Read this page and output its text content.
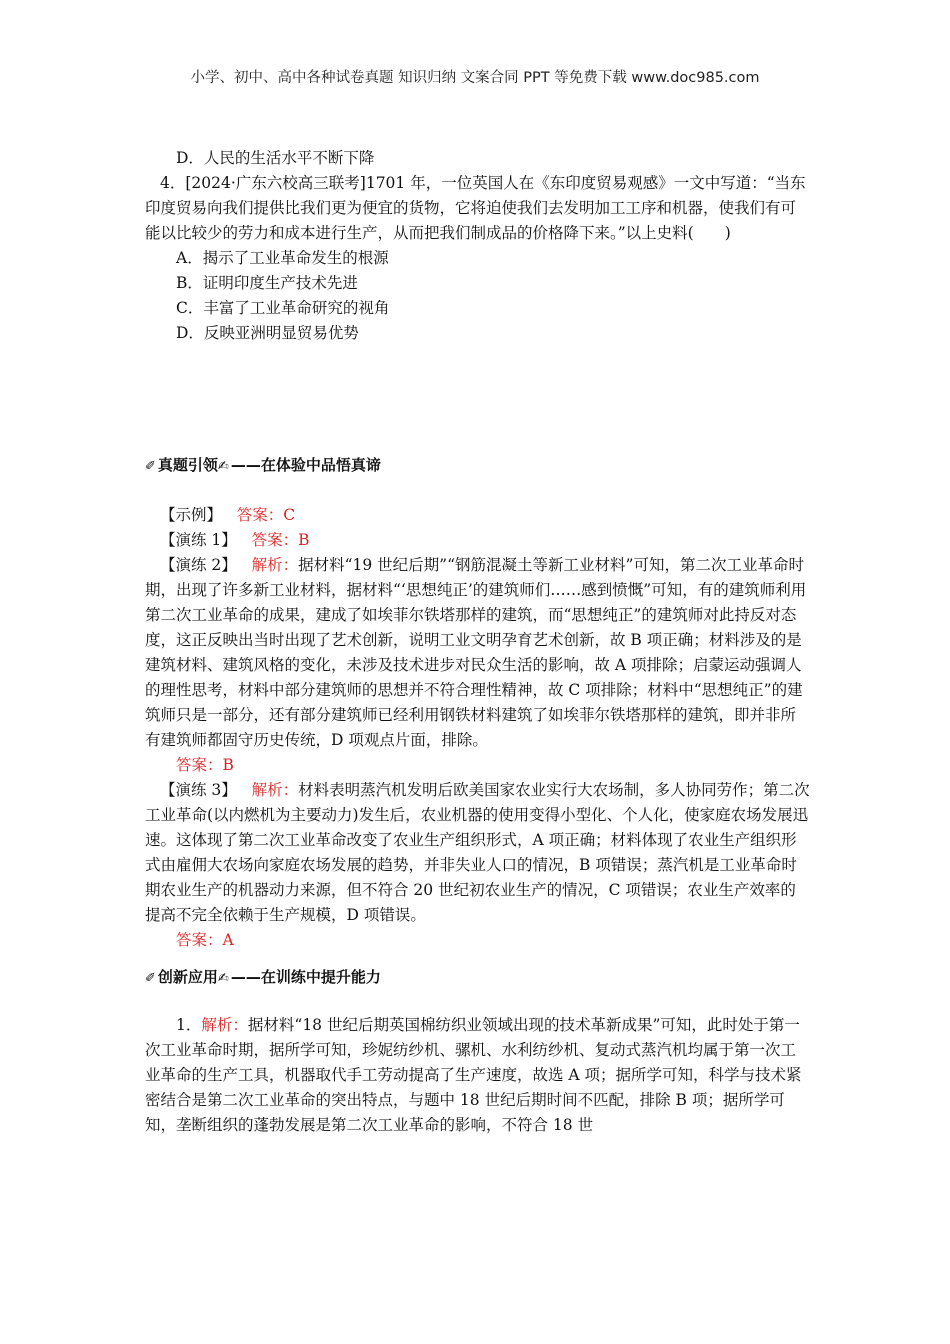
小学、初中、高中各种试卷真题 知识归纳 文案合同 PPT 等免费下载 www.doc985.com

D．人民的生活水平不断下降

4．[2024·广东六校高三联考]1701 年，一位英国人在《东印度贸易观感》一文中写道：“当东印度贸易向我们提供比我们更为便宜的货物，它将迫使我们去发明加工工序和机器，使我们有可能以比较少的劳力和成本进行生产，从而把我们制成品的价格降下来。”以上史料(　　)

A．揭示了工业革命发生的根源

B．证明印度生产技术先进

C．丰富了工业革命研究的视角

D．反映亚洲明显贸易优势

✐ 真题引领✍ ——在体验中品悟真谛

【示例】 答案：C

【演练 1】 答案：B

【演练 2】 解析：据材料“19 世纪后期”“钢筋混凝土等新工业材料”可知，第二次工业革命时期，出现了许多新工业材料，据材料“‘思想纯正’的建筑师们……感到愤慨”可知，有的建筑师利用第二次工业革命的成果，建成了如埃菲尔铁塔那样的建筑，而“思想纯正”的建筑师对此持反对态度，这正反映出当时出现了艺术创新，说明工业文明孕育艺术创新，故 B 项正确；材料涉及的是建筑材料、建筑风格的变化，未涉及技术进步对民众生活的影响，故 A 项排除；启蒙运动强调人的理性思考，材料中部分建筑师的思想并不符合理性精神，故 C 项排除；材料中“思想纯正”的建筑师只是一部分，还有部分建筑师已经利用钢铁材料建筑了如埃菲尔铁塔那样的建筑，即并非所有建筑师都固守历史传统，D 项观点片面，排除。

答案：B

【演练 3】 解析：材料表明蒸汽机发明后欧美国家农业实行大农场制，多人协同劳作；第二次工业革命(以内燃机为主要动力)发生后，农业机器的使用变得小型化、个人化，使家庭农场发展迅速。这体现了第二次工业革命改变了农业生产组织形式，A 项正确；材料体现了农业生产组织形式由雇佣大农场向家庭农场发展的趋势，并非失业人口的情况，B 项错误；蒸汽机是工业革命时期农业生产的机器动力来源，但不符合 20 世纪初农业生产的情况，C 项错误；农业生产效率的提高不完全依赖于生产规模，D 项错误。

答案：A

✐ 创新应用✍ ——在训练中提升能力

1．解析：据材料“18 世纪后期英国棉纺织业领域出现的技术革新成果”可知，此时处于第一次工业革命时期，据所学可知，珍妮纺纱机、骡机、水利纺纱机、复动式蒸汽机均属于第一次工业革命的生产工具，机器取代手工劳动提高了生产速度，故选 A 项；据所学可知，科学与技术紧密结合是第二次工业革命的突出特点，与题中 18 世纪后期时间不匹配，排除 B 项；据所学可知，垄断组织的蓬勃发展是第二次工业革命的影响，不符合 18 世
